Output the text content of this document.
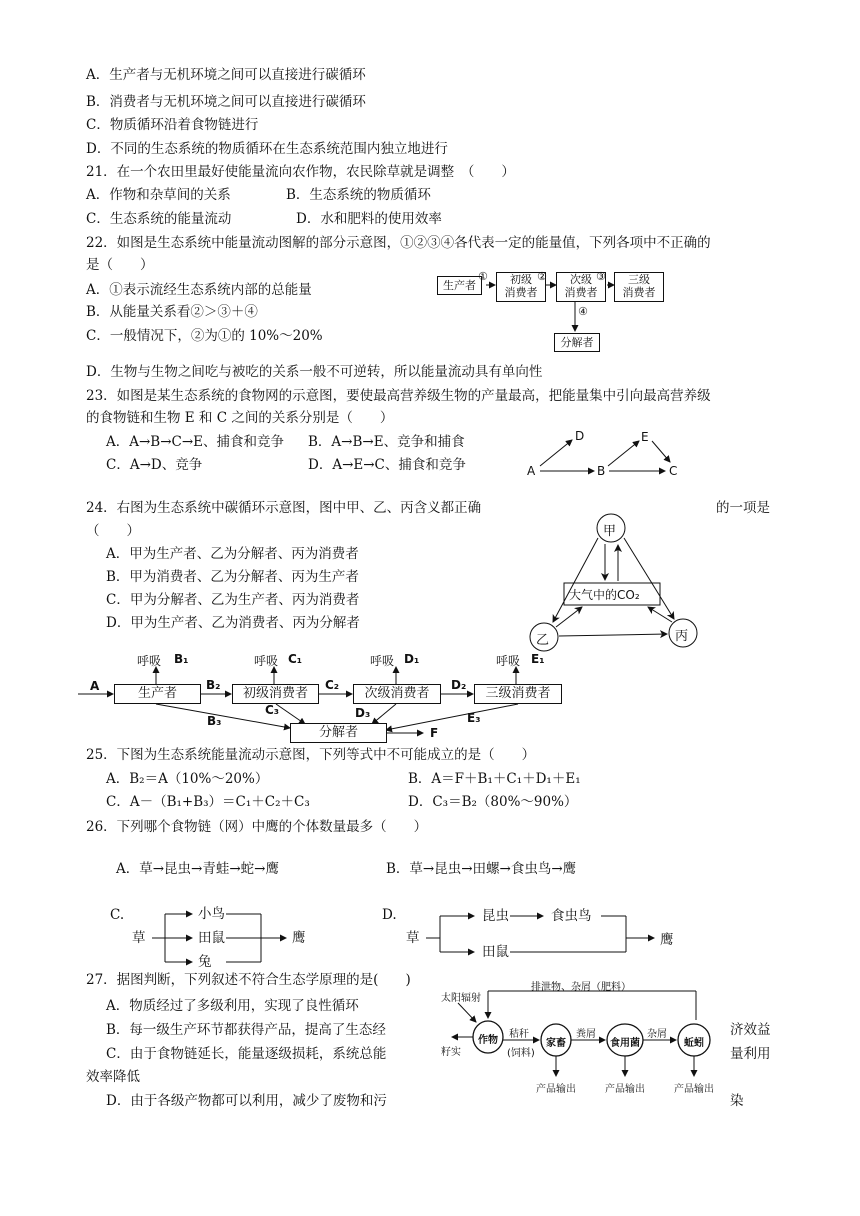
A．生产者与无机环境之间可以直接进行碳循环
B．消费者与无机环境之间可以直接进行碳循环
C．物质循环沿着食物链进行
D．不同的生态系统的物质循环在生态系统范围内独立地进行
21．在一个农田里最好使能量流向农作物，农民除草就是调整　（　　）
A．作物和杂草间的关系	B．生态系统的物质循环
C．生态系统的能量流动	D．水和肥料的使用效率
22．如图是生态系统中能量流动图解的部分示意图，①②③④各代表一定的能量值，下列各项中不正确的
是（　　）
A．①表示流经生态系统内部的总能量
B．从能量关系看②＞③＋④
C．一般情况下，②为①的 10%～20%
D．生物与生物之间吃与被吃的关系一般不可逆转，所以能量流动具有单向性
生产者
①	初级
消费者
②	次级
消费者
③	三级
消费者
④
分解者
23．如图是某生态系统的食物网的示意图，要使最高营养级生物的产量最高，把能量集中引向最高营养级
的食物链和生物 E 和 C 之间的关系分别是（　　）
A．A→B→C→E、捕食和竞争 B．A→B→E、竞争和捕食
C．A→D、竞争	D．A→E→C、捕食和竞争	A
D
B
E
C
24．右图为生态系统中碳循环示意图，图中甲、乙、丙含义都正确	的一项是
（　　）
A．甲为生产者、乙为分解者、丙为消费者
B．甲为消费者、乙为分解者、丙为生产者
C．甲为分解者、乙为生产者、丙为消费者
D．甲为生产者、乙为消费者、丙为分解者
甲
乙	丙
大气中的CO₂
A	生产者	初级消费者	次级消费者	三级消费者
分解者	F
呼吸 B₁	呼吸 C₁	呼吸 D₁	呼吸 E₁
B₂	C₂	D₂
B₃
C₃	D₃	E₃
25．下图为生态系统能量流动示意图，下列等式中不可能成立的是（　　）
A．B₂＝A（10%～20%）	B．A＝F＋B₁＋C₁＋D₁＋E₁
C．A－（B₁+B₃）＝C₁＋C₂＋C₃	D．C₃＝B₂（80%～90%）
26．下列哪个食物链（网）中鹰的个体数量最多（　　）
A．草→昆虫→青蛙→蛇→鹰	B．草→昆虫→田螺→食虫鸟→鹰
C.
草
小鸟
田鼠
兔
鹰
D.
草
昆虫	食虫鸟
田鼠
鹰
27．据图判断，下列叙述不符合生态学原理的是(　　)
A．物质经过了多级利用，实现了良性循环
B．每一级生产环节都获得产品，提高了生态经	济效益
C．由于食物链延长，能量逐级损耗，系统总能	量利用
效率降低
D．由于各级产物都可以利用，减少了废物和污	染
排泄物、杂屑（肥料）
太阳辐射
籽实
作物
秸秆
(饲料)
家畜
粪屑
食用菌
杂屑
蚯蚓
产品输出	产品输出	产品输出
